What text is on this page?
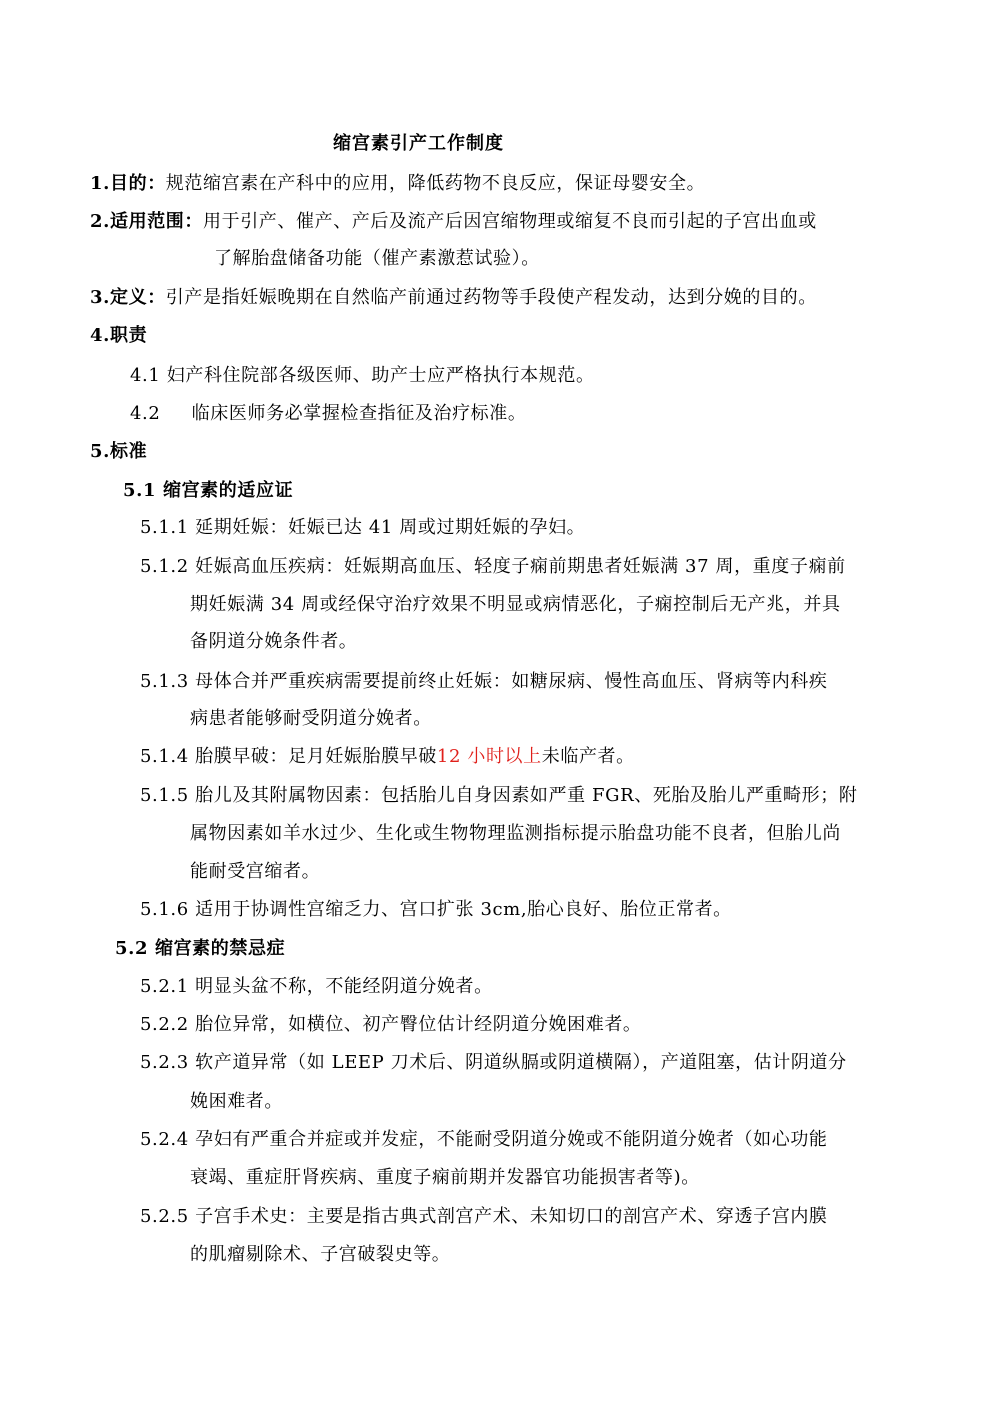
缩宫素引产工作制度
1.目的：规范缩宫素在产科中的应用，降低药物不良反应，保证母婴安全。
2.适用范围：用于引产、催产、产后及流产后因宫缩物理或缩复不良而引起的子宫出血或
了解胎盘储备功能（催产素激惹试验）。
3.定义：引产是指妊娠晚期在自然临产前通过药物等手段使产程发动，达到分娩的目的。
4.职责
4.1 妇产科住院部各级医师、助产士应严格执行本规范。
4.2 　 临床医师务必掌握检查指征及治疗标准。
5.标准
5.1 缩宫素的适应证
5.1.1 延期妊娠：妊娠已达 41 周或过期妊娠的孕妇。
5.1.2 妊娠高血压疾病：妊娠期高血压、轻度子痫前期患者妊娠满 37 周，重度子痫前
期妊娠满 34 周或经保守治疗效果不明显或病情恶化，子痫控制后无产兆，并具
备阴道分娩条件者。
5.1.3 母体合并严重疾病需要提前终止妊娠：如糖尿病、慢性高血压、肾病等内科疾
病患者能够耐受阴道分娩者。
5.1.4 胎膜早破：足月妊娠胎膜早破12 小时以上未临产者。
5.1.5 胎儿及其附属物因素：包括胎儿自身因素如严重 FGR、死胎及胎儿严重畸形；附
属物因素如羊水过少、生化或生物物理监测指标提示胎盘功能不良者，但胎儿尚
能耐受宫缩者。
5.1.6 适用于协调性宫缩乏力、宫口扩张 3cm,胎心良好、胎位正常者。
5.2 缩宫素的禁忌症
5.2.1 明显头盆不称，不能经阴道分娩者。
5.2.2 胎位异常，如横位、初产臀位估计经阴道分娩困难者。
5.2.3 软产道异常（如 LEEP 刀术后、阴道纵膈或阴道横隔），产道阻塞，估计阴道分
娩困难者。
5.2.4 孕妇有严重合并症或并发症，不能耐受阴道分娩或不能阴道分娩者（如心功能
衰竭、重症肝肾疾病、重度子痫前期并发器官功能损害者等)。
5.2.5 子宫手术史：主要是指古典式剖宫产术、未知切口的剖宫产术、穿透子宫内膜
的肌瘤剔除术、子宫破裂史等。
